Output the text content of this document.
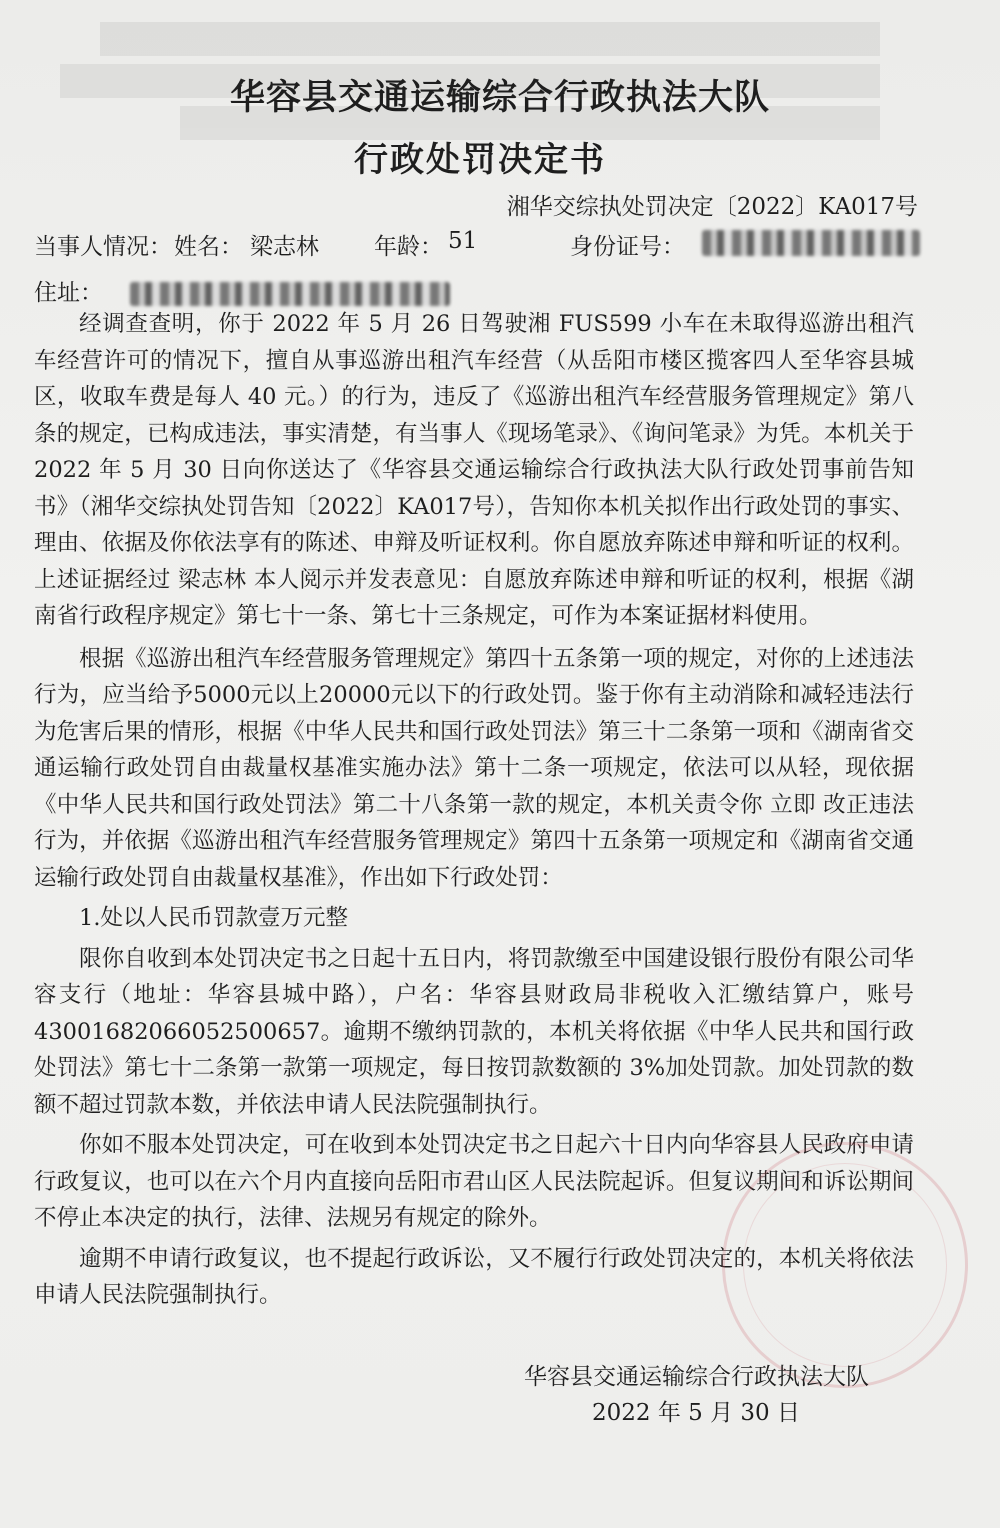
华容县交通运输综合行政执法大队
行政处罚决定书
湘华交综执处罚决定〔2022〕KA017号
当事人情况： 姓名： 梁志林 年龄： 51	身份证号：
住址：

经调查查明，你于 2022 年 5 月 26 日驾驶湘 FUS599 小车在未取得巡游出租汽车经营许可的情况下，擅自从事巡游出租汽车经营（从岳阳市楼区揽客四人至华容县城区，收取车费是每人 40 元。）的行为，违反了《巡游出租汽车经营服务管理规定》第八条的规定，已构成违法，事实清楚，有当事人《现场笔录》、《询问笔录》为凭。本机关于 2022 年 5 月 30 日向你送达了《华容县交通运输综合行政执法大队行政处罚事前告知书》（湘华交综执处罚告知〔2022〕KA017号），告知你本机关拟作出行政处罚的事实、理由、依据及你依法享有的陈述、申辩及听证权利。你自愿放弃陈述申辩和听证的权利。上述证据经过 梁志林 本人阅示并发表意见：自愿放弃陈述申辩和听证的权利，根据《湖南省行政程序规定》第七十一条、第七十三条规定，可作为本案证据材料使用。

根据《巡游出租汽车经营服务管理规定》第四十五条第一项的规定，对你的上述违法行为，应当给予5000元以上20000元以下的行政处罚。鉴于你有主动消除和减轻违法行为危害后果的情形，根据《中华人民共和国行政处罚法》第三十二条第一项和《湖南省交通运输行政处罚自由裁量权基准实施办法》第十二条一项规定，依法可以从轻，现依据《中华人民共和国行政处罚法》第二十八条第一款的规定，本机关责令你 立即 改正违法行为，并依据《巡游出租汽车经营服务管理规定》第四十五条第一项规定和《湖南省交通运输行政处罚自由裁量权基准》，作出如下行政处罚：

1.处以人民币罚款壹万元整

限你自收到本处罚决定书之日起十五日内，将罚款缴至中国建设银行股份有限公司华容支行（地址：华容县城中路），户名：华容县财政局非税收入汇缴结算户，账号 43001682066052500657。逾期不缴纳罚款的，本机关将依据《中华人民共和国行政处罚法》第七十二条第一款第一项规定，每日按罚款数额的 3%加处罚款。加处罚款的数额不超过罚款本数，并依法申请人民法院强制执行。

你如不服本处罚决定，可在收到本处罚决定书之日起六十日内向华容县人民政府申请行政复议，也可以在六个月内直接向岳阳市君山区人民法院起诉。但复议期间和诉讼期间不停止本决定的执行，法律、法规另有规定的除外。

逾期不申请行政复议，也不提起行政诉讼，又不履行行政处罚决定的，本机关将依法申请人民法院强制执行。

华容县交通运输综合行政执法大队
2022 年 5 月 30 日
